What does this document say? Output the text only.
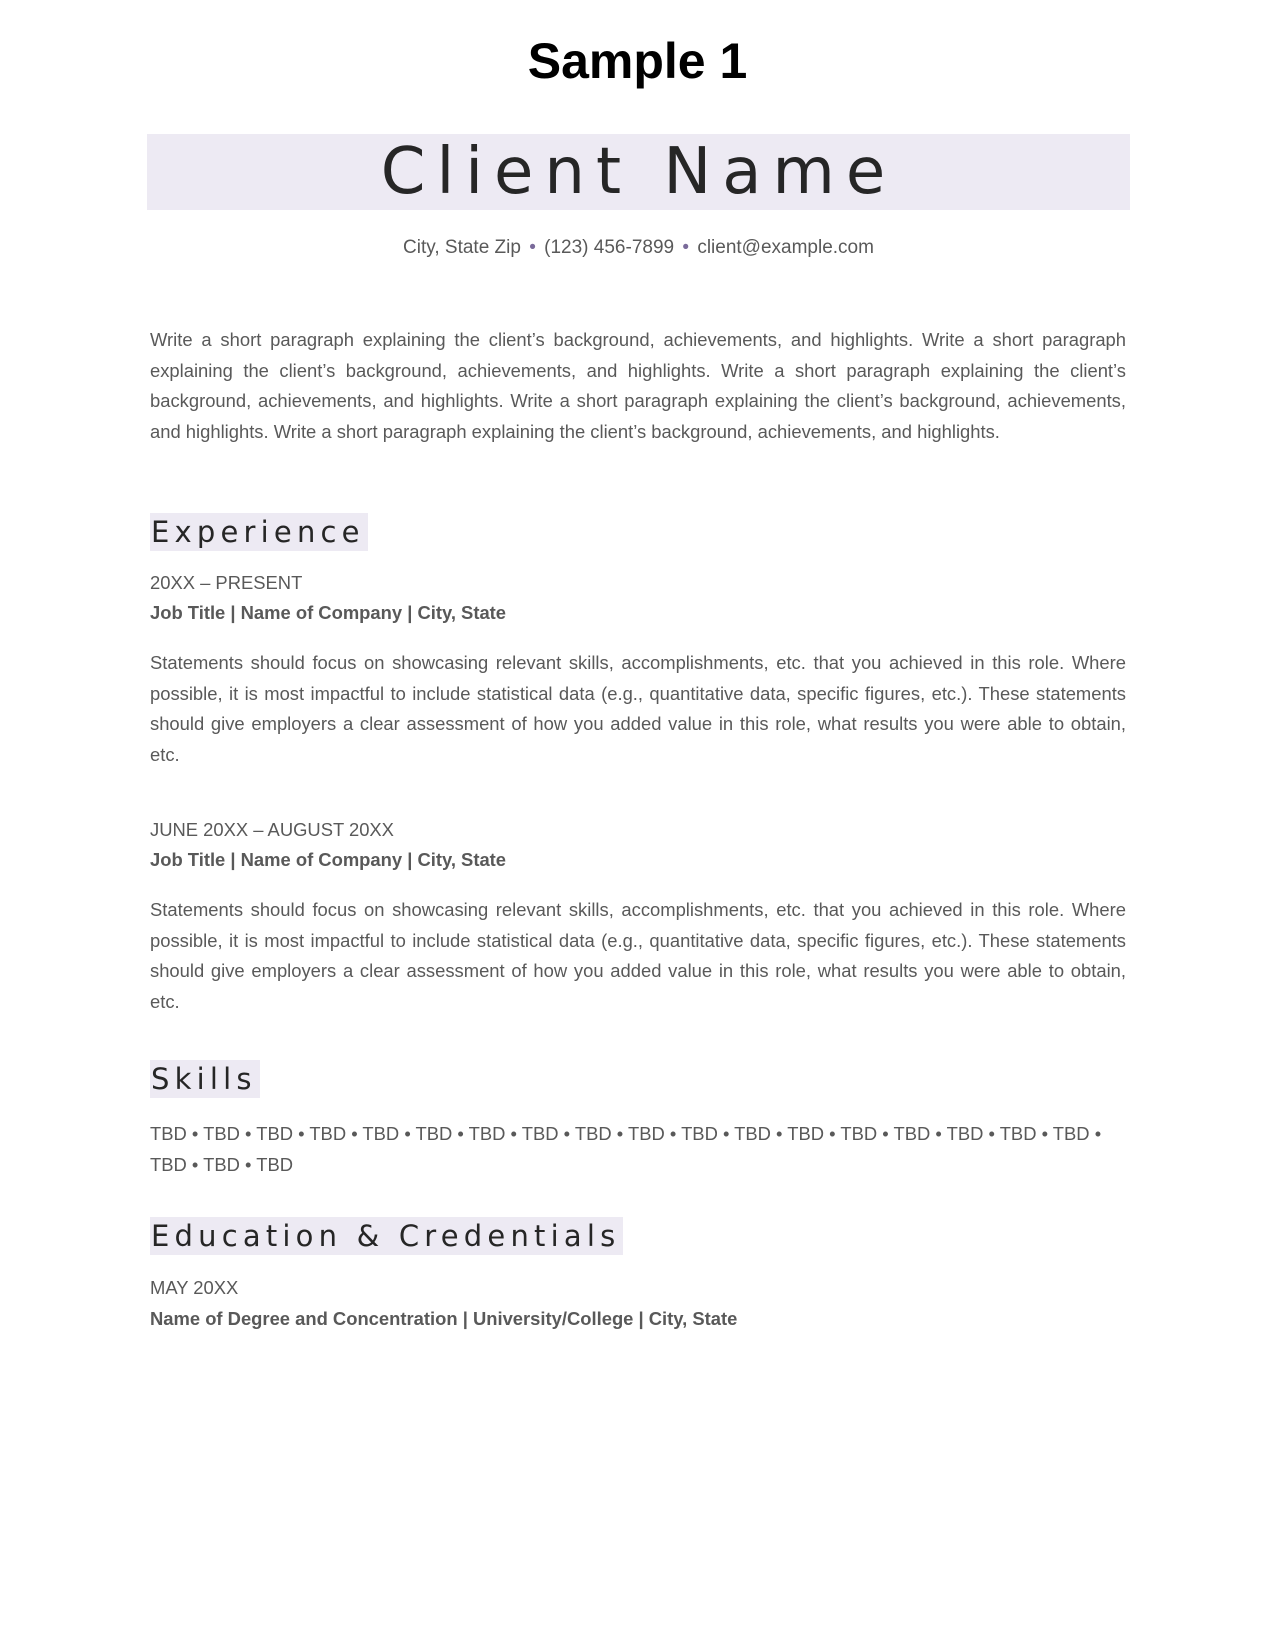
Sample 1
Client Name
City, State Zip • (123) 456-7899 • client@example.com
Write a short paragraph explaining the client’s background, achievements, and highlights. Write a short paragraph explaining the client’s background, achievements, and highlights. Write a short paragraph explaining the client’s background, achievements, and highlights. Write a short paragraph explaining the client’s background, achievements, and highlights. Write a short paragraph explaining the client’s background, achievements, and highlights.
Experience
20XX – PRESENT
Job Title | Name of Company | City, State
Statements should focus on showcasing relevant skills, accomplishments, etc. that you achieved in this role. Where possible, it is most impactful to include statistical data (e.g., quantitative data, specific figures, etc.). These statements should give employers a clear assessment of how you added value in this role, what results you were able to obtain, etc.
JUNE 20XX – AUGUST 20XX
Job Title | Name of Company | City, State
Statements should focus on showcasing relevant skills, accomplishments, etc. that you achieved in this role. Where possible, it is most impactful to include statistical data (e.g., quantitative data, specific figures, etc.). These statements should give employers a clear assessment of how you added value in this role, what results you were able to obtain, etc.
Skills
TBD • TBD • TBD • TBD • TBD • TBD • TBD • TBD • TBD • TBD • TBD • TBD • TBD • TBD • TBD • TBD • TBD • TBD • TBD • TBD • TBD
Education & Credentials
MAY 20XX
Name of Degree and Concentration | University/College | City, State
